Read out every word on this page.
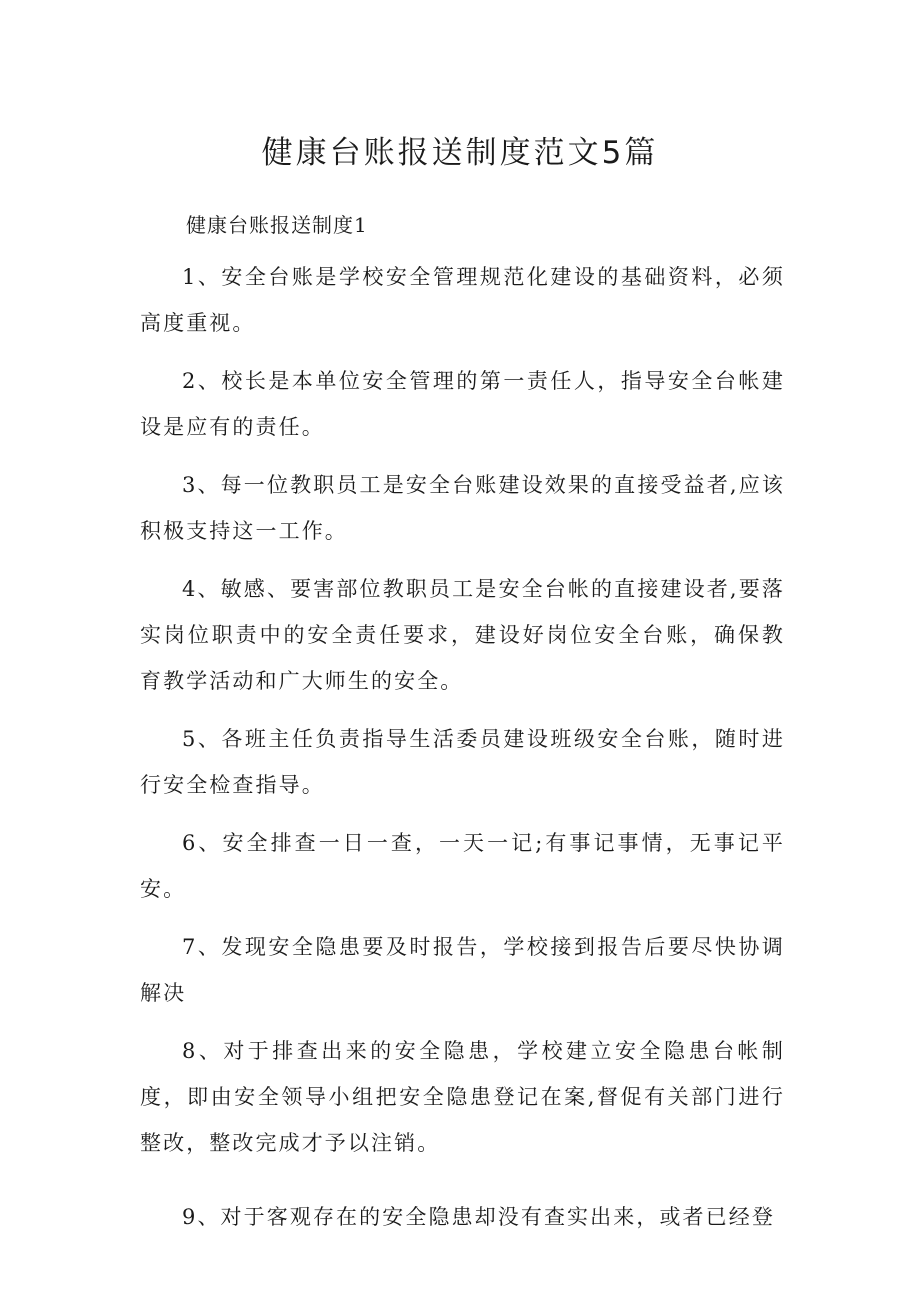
健康台账报送制度范文5篇
健康台账报送制度1

1、安全台账是学校安全管理规范化建设的基础资料，必须高度重视。

2、校长是本单位安全管理的第一责任人，指导安全台帐建设是应有的责任。

3、每一位教职员工是安全台账建设效果的直接受益者,应该积极支持这一工作。

4、敏感、要害部位教职员工是安全台帐的直接建设者,要落实岗位职责中的安全责任要求，建设好岗位安全台账，确保教育教学活动和广大师生的安全。

5、各班主任负责指导生活委员建设班级安全台账，随时进行安全检查指导。

6、安全排查一日一查，一天一记;有事记事情，无事记平安。

7、发现安全隐患要及时报告，学校接到报告后要尽快协调解决

8、对于排查出来的安全隐患，学校建立安全隐患台帐制度，即由安全领导小组把安全隐患登记在案,督促有关部门进行整改，整改完成才予以注销。

9、对于客观存在的安全隐患却没有查实出来，或者已经登
